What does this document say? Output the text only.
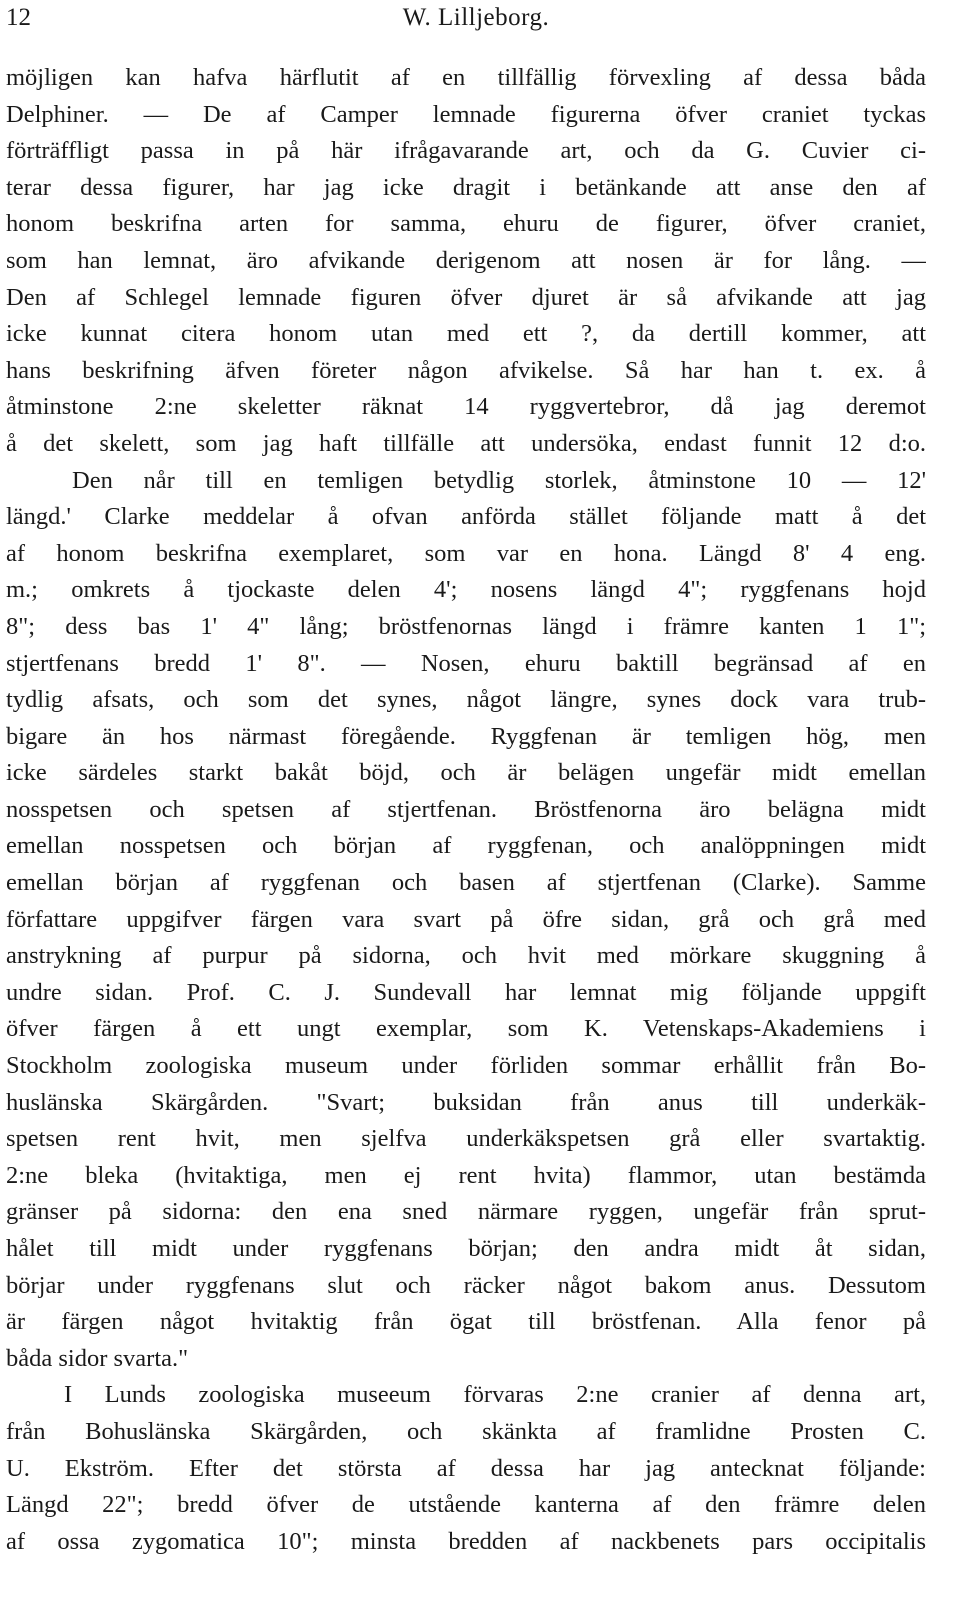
12	W. Lilljeborg.
möjligen kan hafva härflutit af en tillfällig förvexling af dessa båda
Delphiner. — De af Camper lemnade figurerna öfver craniet tyckas
förträffligt passa in på här ifrågavarande art, och da G. Cuvier ci-
terar dessa figurer, har jag icke dragit i betänkande att anse den af
honom beskrifna arten for samma, ehuru de figurer, öfver craniet,
som han lemnat, äro afvikande derigenom att nosen är for lång. —
Den af Schlegel lemnade figuren öfver djuret är så afvikande att jag
icke kunnat citera honom utan med ett ?, da dertill kommer, att
hans beskrifning äfven företer någon afvikelse. Så har han t. ex. å
åtminstone 2:ne skeletter räknat 14 ryggvertebror, då jag deremot
å det skelett, som jag haft tillfälle att undersöka, endast funnit 12 d:o.
Den når till en temligen betydlig storlek, åtminstone 10 — 12'
längd.' Clarke meddelar å ofvan anförda stället följande matt å det
af honom beskrifna exemplaret, som var en hona. Längd 8' 4 eng.
m.; omkrets å tjockaste delen 4'; nosens längd 4"; ryggfenans hojd
8"; dess bas 1' 4" lång; bröstfenornas längd i främre kanten 1 1";
stjertfenans bredd 1' 8". — Nosen, ehuru baktill begränsad af en
tydlig afsats, och som det synes, något längre, synes dock vara trub-
bigare än hos närmast föregående. Ryggfenan är temligen hög, men
icke särdeles starkt bakåt böjd, och är belägen ungefär midt emellan
nosspetsen och spetsen af stjertfenan. Bröstfenorna äro belägna midt
emellan nosspetsen och början af ryggfenan, och analöppningen midt
emellan början af ryggfenan och basen af stjertfenan (Clarke). Samme
författare uppgifver färgen vara svart på öfre sidan, grå och grå med
anstrykning af purpur på sidorna, och hvit med mörkare skuggning å
undre sidan. Prof. C. J. Sundevall har lemnat mig följande uppgift
öfver färgen å ett ungt exemplar, som K. Vetenskaps-Akademiens i
Stockholm zoologiska museum under förliden sommar erhållit från Bo-
huslänska Skärgården. "Svart; buksidan från anus till underkäk-
spetsen rent hvit, men sjelfva underkäkspetsen grå eller svartaktig.
2:ne bleka (hvitaktiga, men ej rent hvita) flammor, utan bestämda
gränser på sidorna: den ena sned närmare ryggen, ungefär från sprut-
hålet till midt under ryggfenans början; den andra midt åt sidan,
börjar under ryggfenans slut och räcker något bakom anus. Dessutom
är färgen något hvitaktig från ögat till bröstfenan. Alla fenor på
båda sidor svarta."
I Lunds zoologiska museeum förvaras 2:ne cranier af denna art,
från Bohuslänska Skärgården, och skänkta af framlidne Prosten C.
U. Ekström. Efter det största af dessa har jag antecknat följande:
Längd 22"; bredd öfver de utstående kanterna af den främre delen
af ossa zygomatica 10"; minsta bredden af nackbenets pars occipitalis
